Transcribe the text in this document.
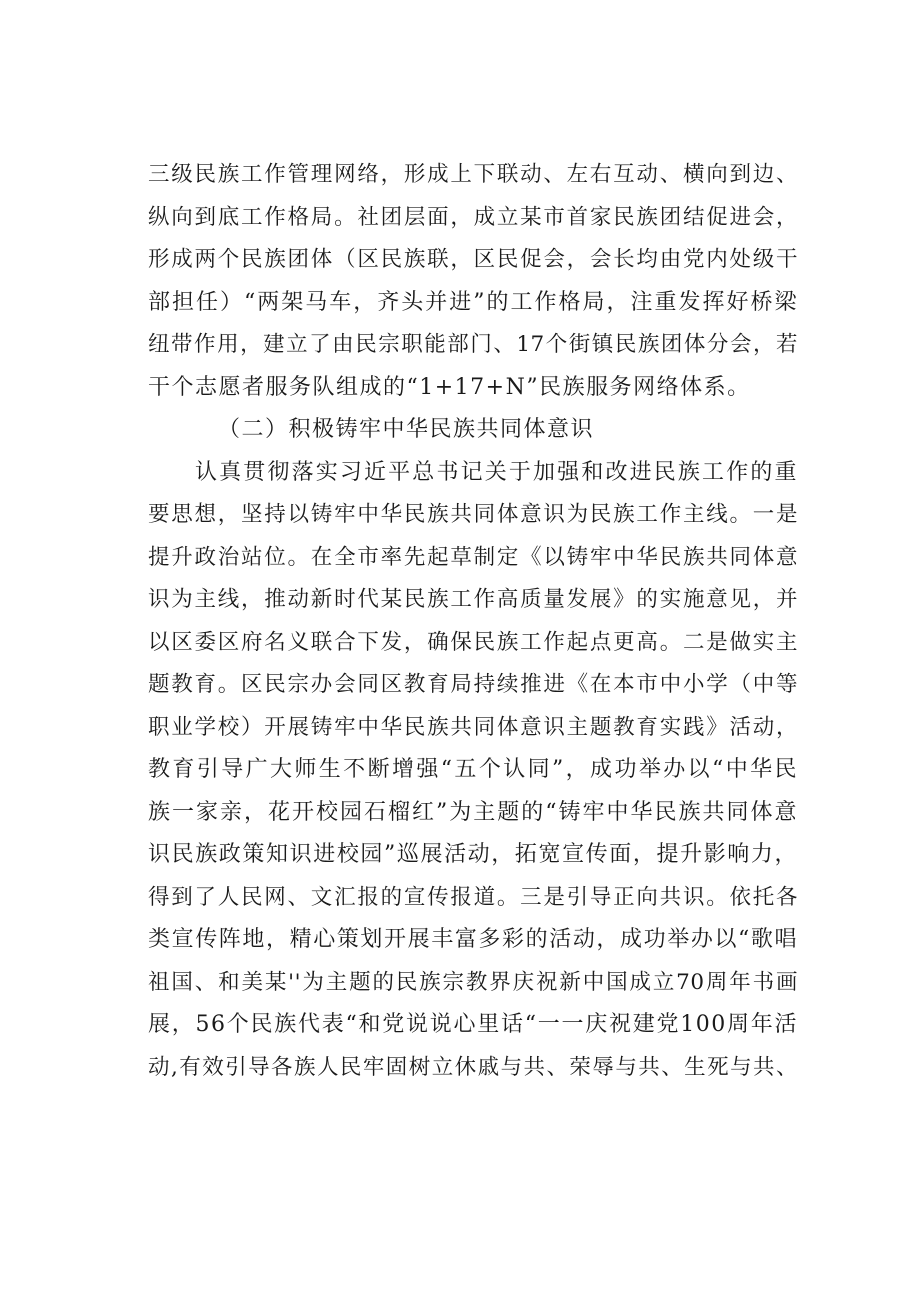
三级民族工作管理网络，形成上下联动、左右互动、横向到边、
纵向到底工作格局。社团层面，成立某市首家民族团结促进会，
形成两个民族团体（区民族联，区民促会，会长均由党内处级干
部担任）“两架马车，齐头并进”的工作格局，注重发挥好桥梁
纽带作用，建立了由民宗职能部门、17个街镇民族团体分会，若
干个志愿者服务队组成的“1+17+N”民族服务网络体系。
（二）积极铸牢中华民族共同体意识
认真贯彻落实习近平总书记关于加强和改进民族工作的重
要思想，坚持以铸牢中华民族共同体意识为民族工作主线。一是
提升政治站位。在全市率先起草制定《以铸牢中华民族共同体意
识为主线，推动新时代某民族工作高质量发展》的实施意见，并
以区委区府名义联合下发，确保民族工作起点更高。二是做实主
题教育。区民宗办会同区教育局持续推进《在本市中小学（中等
职业学校）开展铸牢中华民族共同体意识主题教育实践》活动，
教育引导广大师生不断增强“五个认同”，成功举办以“中华民
族一家亲，花开校园石榴红”为主题的“铸牢中华民族共同体意
识民族政策知识进校园”巡展活动，拓宽宣传面，提升影响力，
得到了人民网、文汇报的宣传报道。三是引导正向共识。依托各
类宣传阵地，精心策划开展丰富多彩的活动，成功举办以“歌唱
祖国、和美某''为主题的民族宗教界庆祝新中国成立70周年书画
展，56个民族代表“和党说说心里话“一一庆祝建党100周年活
动,有效引导各族人民牢固树立休戚与共、荣辱与共、生死与共、
